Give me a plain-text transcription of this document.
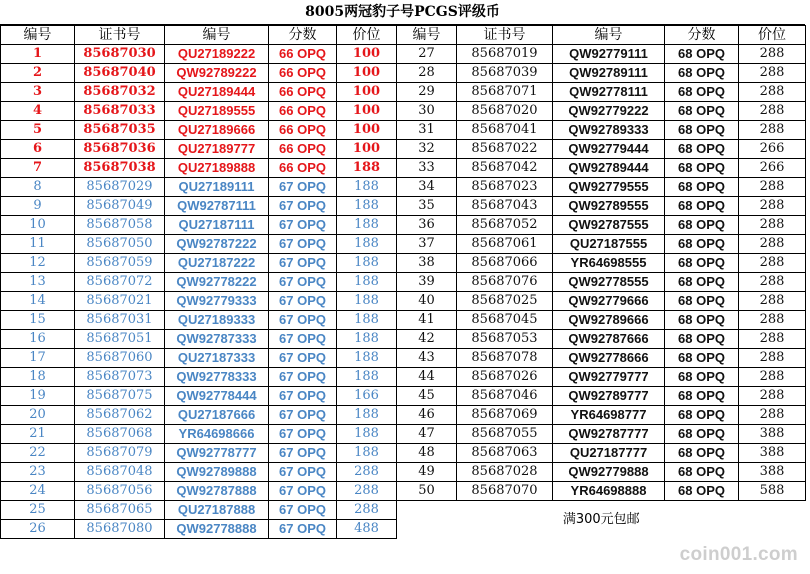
8005两冠豹子号PCGS评级币
编号	证书号	编号	分数	价位	编号	证书号	编号	分数	价位
1	85687030	QU27189222	66 OPQ	100	27	85687019	QW92779111	68 OPQ	288
2	85687040	QW92789222	66 OPQ	100	28	85687039	QW92789111	68 OPQ	288
3	85687032	QU27189444	66 OPQ	100	29	85687071	QW92778111	68 OPQ	288
4	85687033	QU27189555	66 OPQ	100	30	85687020	QW92779222	68 OPQ	288
5	85687035	QU27189666	66 OPQ	100	31	85687041	QW92789333	68 OPQ	288
6	85687036	QU27189777	66 OPQ	100	32	85687022	QW92779444	68 OPQ	266
7	85687038	QU27189888	66 OPQ	188	33	85687042	QW92789444	68 OPQ	266
8	85687029	QU27189111	67 OPQ	188	34	85687023	QW92779555	68 OPQ	288
9	85687049	QW92787111	67 OPQ	188	35	85687043	QW92789555	68 OPQ	288
10	85687058	QU27187111	67 OPQ	188	36	85687052	QW92787555	68 OPQ	288
11	85687050	QW92787222	67 OPQ	188	37	85687061	QU27187555	68 OPQ	288
12	85687059	QU27187222	67 OPQ	188	38	85687066	YR64698555	68 OPQ	288
13	85687072	QW92778222	67 OPQ	188	39	85687076	QW92778555	68 OPQ	288
14	85687021	QW92779333	67 OPQ	188	40	85687025	QW92779666	68 OPQ	288
15	85687031	QU27189333	67 OPQ	188	41	85687045	QW92789666	68 OPQ	288
16	85687051	QW92787333	67 OPQ	188	42	85687053	QW92787666	68 OPQ	288
17	85687060	QU27187333	67 OPQ	188	43	85687078	QW92778666	68 OPQ	288
18	85687073	QW92778333	67 OPQ	188	44	85687026	QW92779777	68 OPQ	288
19	85687075	QW92778444	67 OPQ	166	45	85687046	QW92789777	68 OPQ	288
20	85687062	QU27187666	67 OPQ	188	46	85687069	YR64698777	68 OPQ	288
21	85687068	YR64698666	67 OPQ	188	47	85687055	QW92787777	68 OPQ	388
22	85687079	QW92778777	67 OPQ	188	48	85687063	QU27187777	68 OPQ	388
23	85687048	QW92789888	67 OPQ	288	49	85687028	QW92779888	68 OPQ	388
24	85687056	QW92787888	67 OPQ	288	50	85687070	YR64698888	68 OPQ	588
25	85687065	QU27187888	67 OPQ	288	满300元包邮				
26	85687080	QW92778888	67 OPQ	488					
coin001.com
